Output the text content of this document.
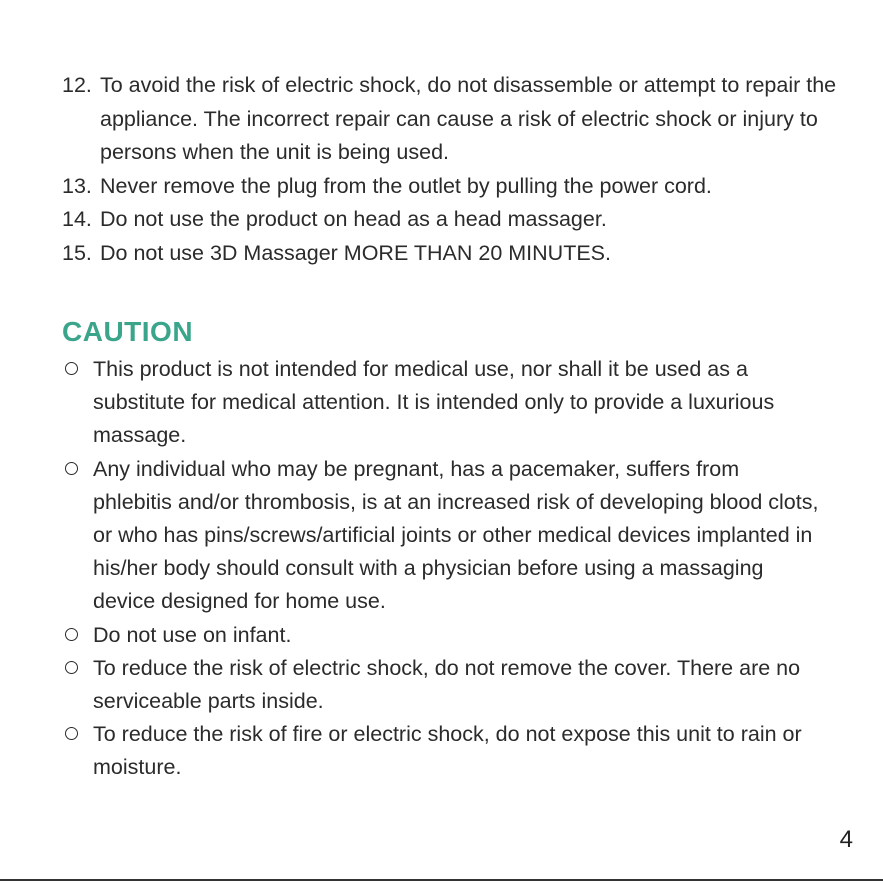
12. To avoid the risk of electric shock, do not disassemble or attempt to repair the appliance. The incorrect repair can cause a risk of electric shock or injury to persons when the unit is being used.
13. Never remove the plug from the outlet by pulling the power cord.
14. Do not use the product on head as a head massager.
15. Do not use 3D Massager MORE THAN 20 MINUTES.
CAUTION
This product is not intended for medical use, nor shall it be used as a substitute for medical attention. It is intended only to provide a luxurious massage.
Any individual who may be pregnant, has a pacemaker, suffers from phlebitis and/or thrombosis, is at an increased risk of developing blood clots, or who has pins/screws/artificial joints or other medical devices implanted in his/her body should consult with a physician before using a massaging device designed for home use.
Do not use on infant.
To reduce the risk of electric shock, do not remove the cover. There are no serviceable parts inside.
To reduce the risk of fire or electric shock, do not expose this unit to rain or moisture.
4
